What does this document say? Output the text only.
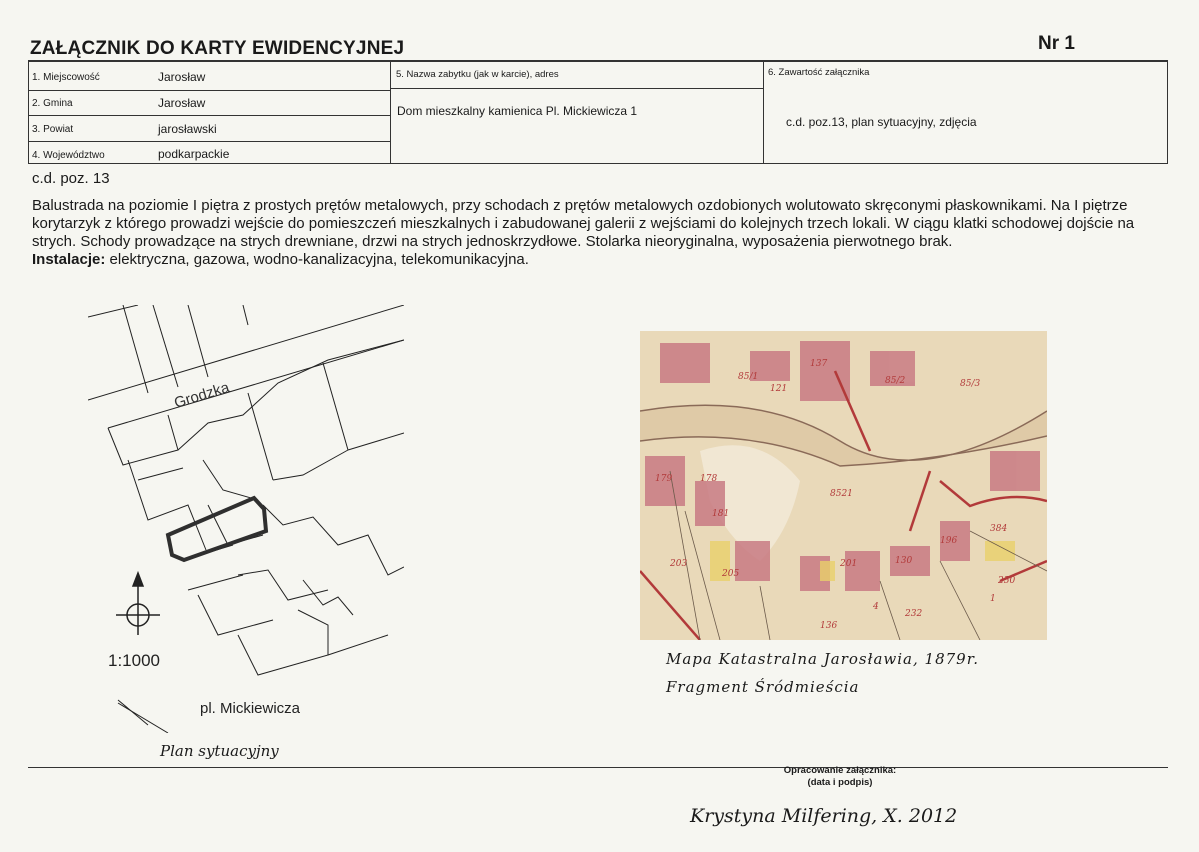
ZAŁĄCZNIK DO KARTY EWIDENCYJNEJ	Nr 1
1. Miejscowość	Jarosław
2. Gmina	Jarosław
3. Powiat	jarosławski
4. Województwo	podkarpackie
5. Nazwa zabytku (jak w karcie), adres
Dom mieszkalny kamienica Pl. Mickiewicza 1
6. Zawartość załącznika
c.d. poz.13, plan sytuacyjny, zdjęcia
c.d. poz. 13
Balustrada na poziomie I piętra z prostych prętów metalowych, przy schodach z prętów metalowych ozdobionych wolutowato skręconymi płaskownikami. Na I piętrze korytarzyk z którego prowadzi wejście do pomieszczeń mieszkalnych i zabudowanej galerii z wejściami do kolejnych trzech lokali. W ciągu klatki schodowej dojście na strych. Schody prowadzące na strych drewniane, drzwi na strych jednoskrzydłowe. Stolarka nieoryginalna, wyposażenia pierwotnego brak.
Instalacje: elektryczna, gazowa, wodno-kanalizacyjna, telekomunikacyjna.
Grodzka
pl. Mickiewicza
1:1000
Plan sytuacyjny
85/1	85/2	85/3
8521
250
232
136
203
205
181
121
137
384
130
179	178
201
196
1
4
Mapa Katastralna Jarosławia, 1879r.
Fragment Śródmieścia
Opracowanie załącznika:
(data i podpis)
Krystyna Milfering, X. 2012
